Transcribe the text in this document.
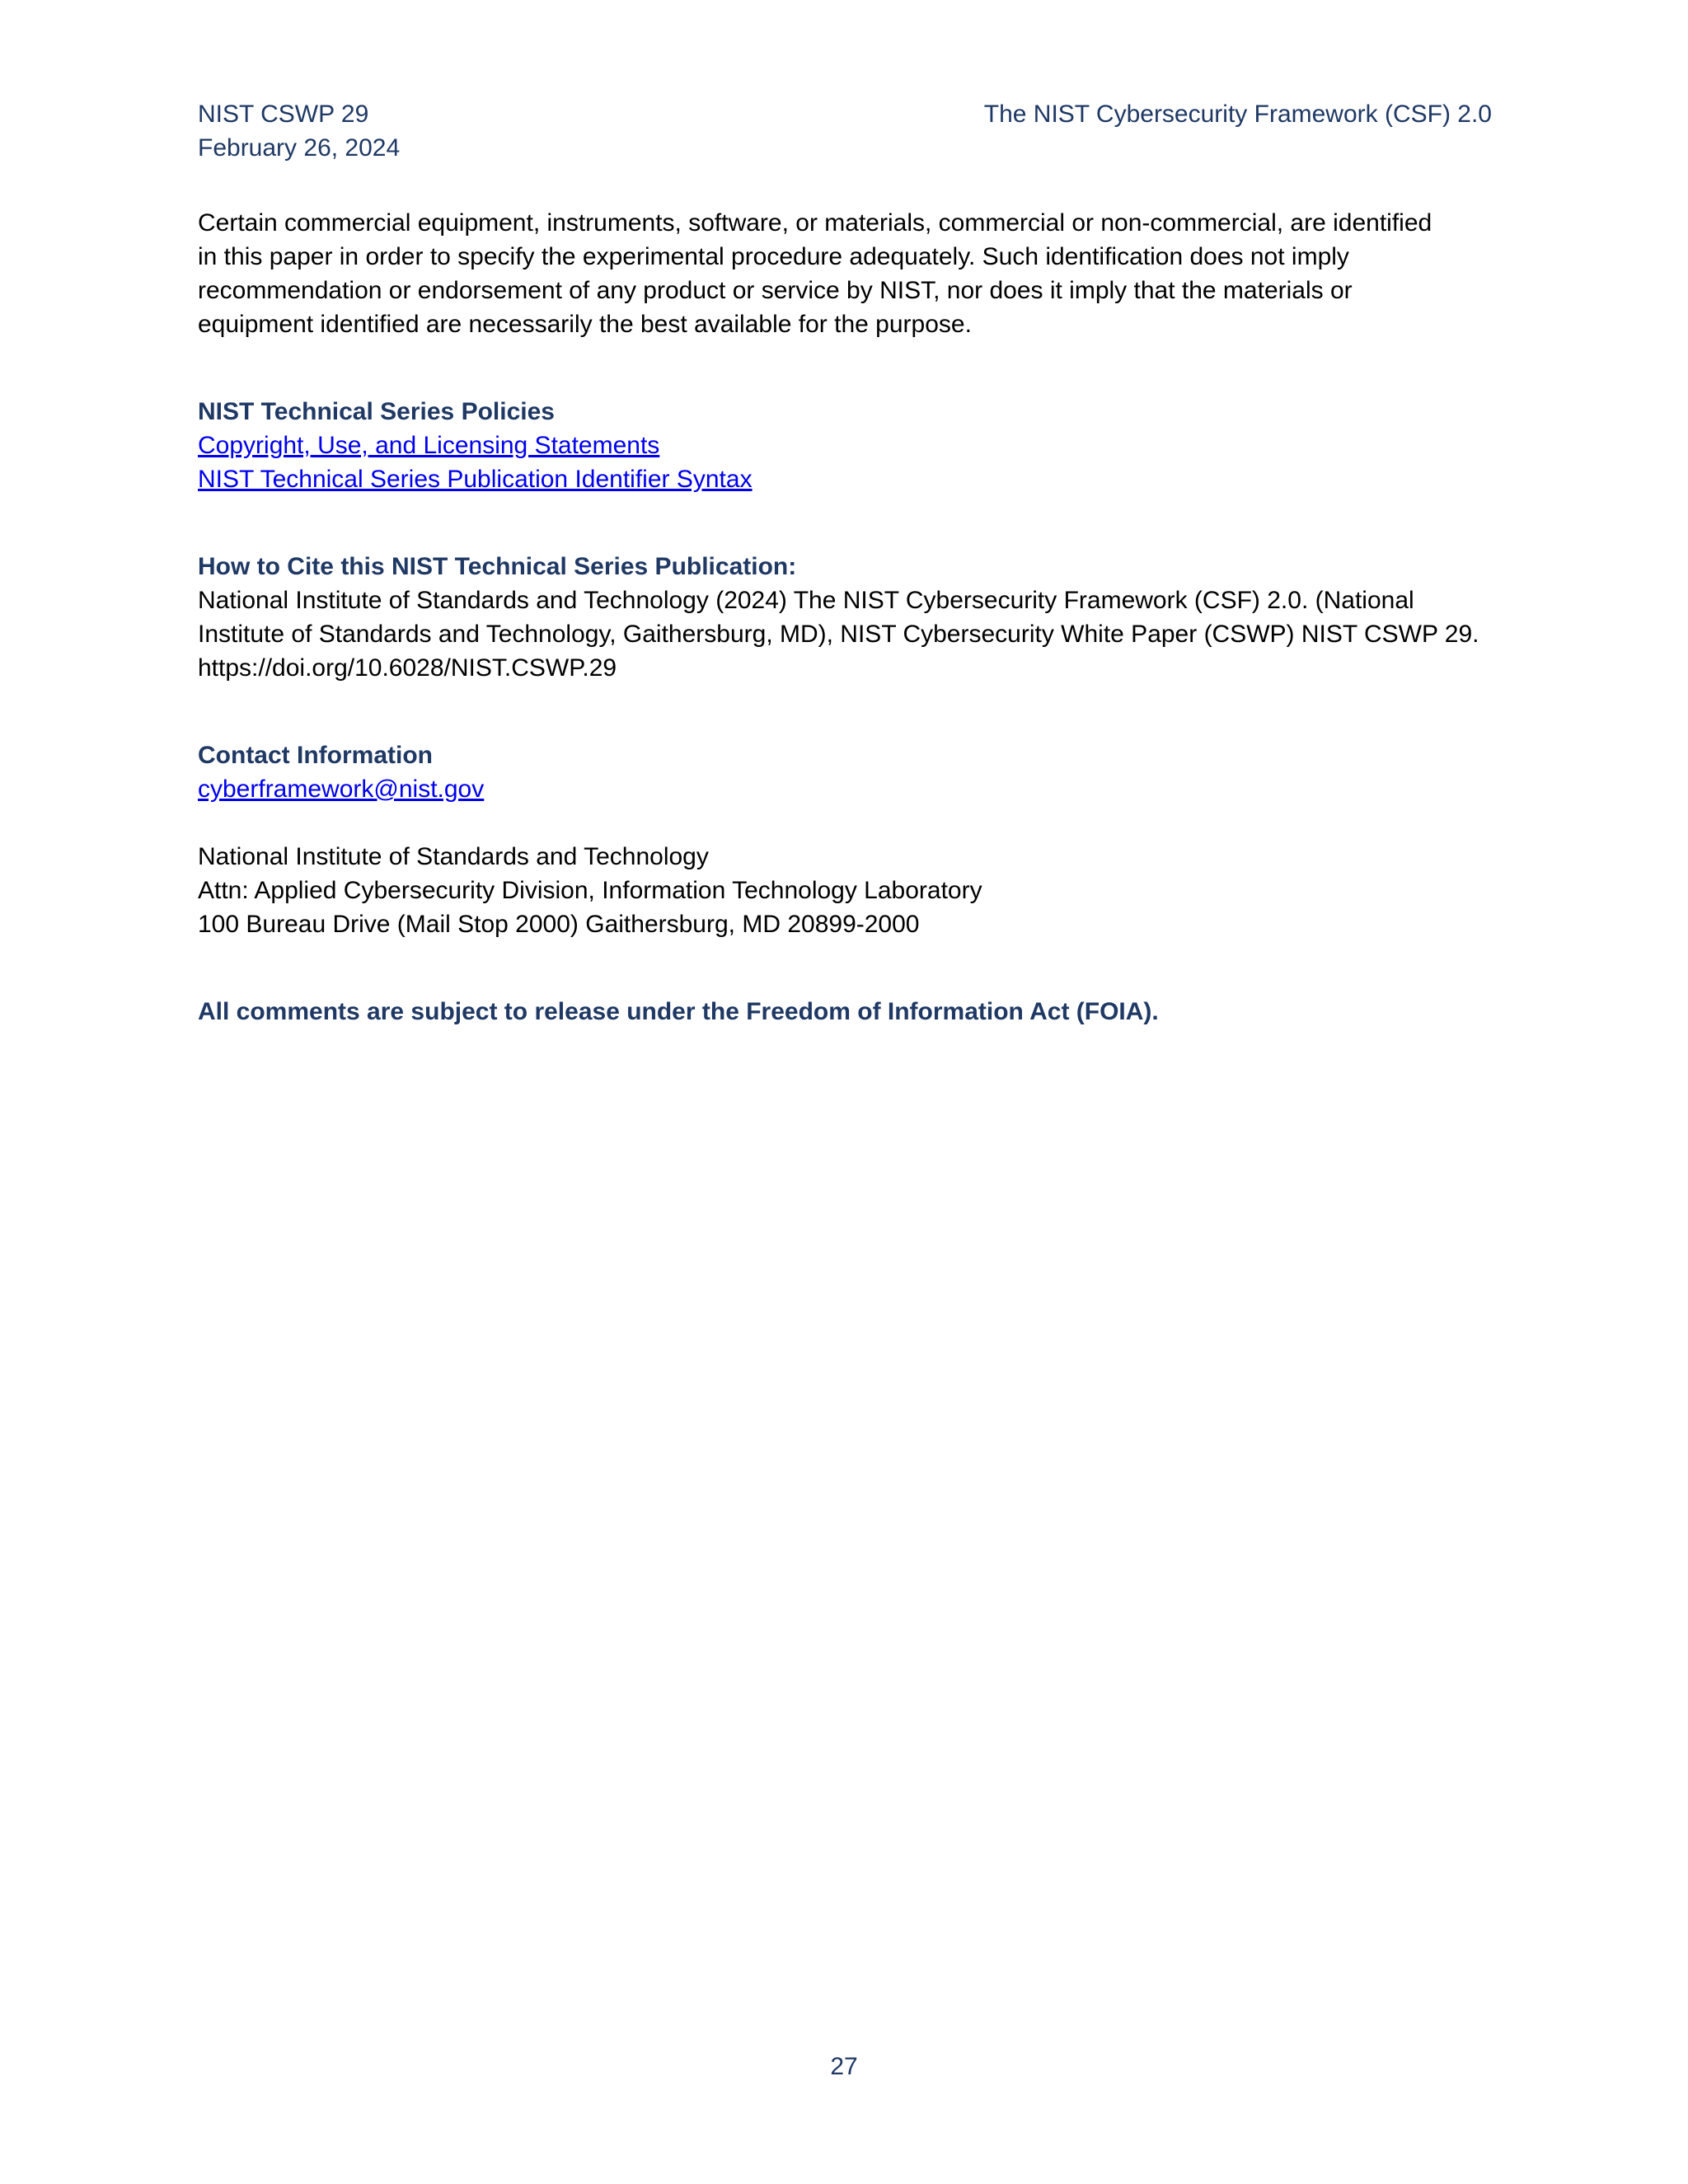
NIST CSWP 29
February 26, 2024
The NIST Cybersecurity Framework (CSF) 2.0
Certain commercial equipment, instruments, software, or materials, commercial or non-commercial, are identified
in this paper in order to specify the experimental procedure adequately. Such identification does not imply
recommendation or endorsement of any product or service by NIST, nor does it imply that the materials or
equipment identified are necessarily the best available for the purpose.
NIST Technical Series Policies
Copyright, Use, and Licensing Statements
NIST Technical Series Publication Identifier Syntax
How to Cite this NIST Technical Series Publication:
National Institute of Standards and Technology (2024) The NIST Cybersecurity Framework (CSF) 2.0. (National
Institute of Standards and Technology, Gaithersburg, MD), NIST Cybersecurity White Paper (CSWP) NIST CSWP 29.
https://doi.org/10.6028/NIST.CSWP.29
Contact Information
cyberframework@nist.gov
National Institute of Standards and Technology
Attn: Applied Cybersecurity Division, Information Technology Laboratory
100 Bureau Drive (Mail Stop 2000) Gaithersburg, MD 20899-2000
All comments are subject to release under the Freedom of Information Act (FOIA).
27
